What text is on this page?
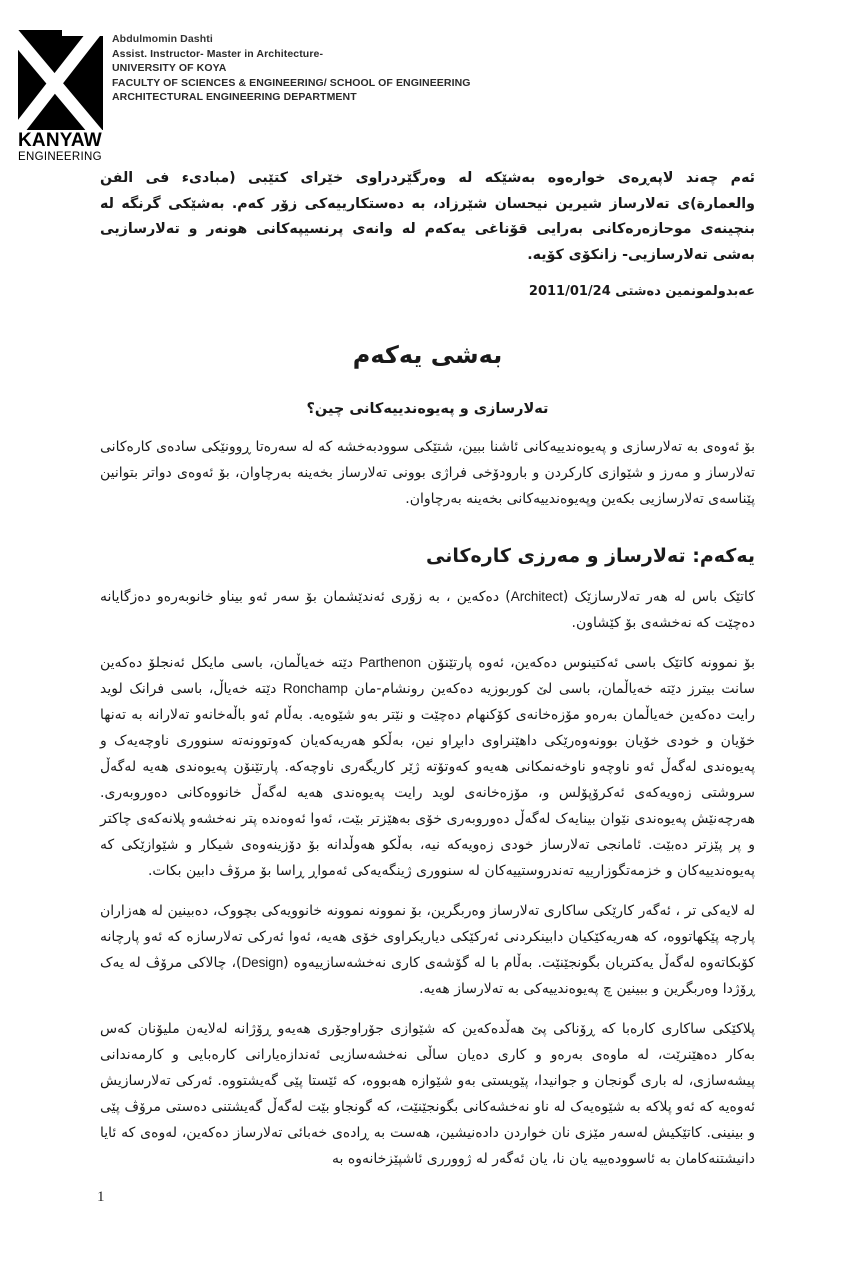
KANYAW
ENGINEERING
Abdulmomin Dashti
Assist. Instructor- Master in Architecture-
UNIVERSITY OF KOYA
FACULTY OF SCIENCES & ENGINEERING/ SCHOOL OF ENGINEERING
ARCHITECTURAL ENGINEERING DEPARTMENT

ئەم چەند لاپەڕەی خوارەوە بەشێکە لە وەرگێردراوی خێرای کتێبی (مبادیء فی الفن والعمارة)ی تەلارساز شیرین نیحسان شێرزاد، بە دەستکارییەکی زۆر کەم. بەشێکی گرنگە لە بنچینەی موحازەرەکانی بەرایی قۆناغی یەکەم لە وانەی پرنسیپەکانی هونەر و تەلارسازیی بەشی تەلارسازیی- زانکۆی کۆیە.

عەبدولمونمین دەشتی 2011/01/24

بەشی یەکەم
تەلارسازی و پەیوەندییەکانی چین؟

بۆ ئەوەی بە تەلارسازی و پەیوەندییەکانی ئاشنا ببین، شتێکی سوودبەخشە کە لە سەرەتا ڕوونێکی سادەی کارەکانی تەلارساز و مەرز و شێوازی کارکردن و بارودۆخی فراژی بوونی تەلارساز بخەینە بەرچاوان، بۆ ئەوەی دواتر بتوانین پێناسەی تەلارسازیی بکەین وپەیوەندییەکانی بخەینە بەرچاوان.

یەکەم: تەلارساز و مەرزی کارەکانی

کاتێک باس لە هەر تەلارسازێک (Architect) دەکەین ، بە زۆری ئەندێشمان بۆ سەر ئەو بیناو خانوبەرەو دەزگایانە دەچێت کە نەخشەی بۆ کێشاون.

بۆ نموونە کاتێک باسی ئەکتینوس دەکەین، ئەوە پارتێنۆن Parthenon دێتە خەیاڵمان، باسی مایکل ئەنجلۆ دەکەین سانت بیترز دێتە خەیاڵمان، باسی لێ کوربوزیە دەکەین رونشام-مان Ronchamp دێتە خەیاڵ، باسی فرانک لوید رایت دەکەین خەیاڵمان بەرەو مۆزەخانەی کۆکنهام دەچێت و نێتر بەو شێوەیە. بەڵام ئەو باڵەخانەو تەلارانە بە تەنها خۆیان و خودی خۆیان بوونەوەرێکی داهێنراوی دابڕاو نین، بەڵکو هەریەکەیان کەوتوونەتە سنووری ناوچەیەک و پەیوەندی لەگەڵ ئەو ناوچەو ناوخەنمکانی هەیەو کەوتۆتە ژێر کاریگەری ناوچەکە. پارتێنۆن پەیوەندی هەیە لەگەڵ سروشتی زەویەکەی ئەکرۆپۆلس و، مۆزەخانەی لوید رایت پەیوەندی هەیە لەگەڵ خانووەکانی دەوروبەری. هەرچەنێش پەیوەندی نێوان بینایەک لەگەڵ دەوروبەری خۆی بەهێزتر بێت، ئەوا ئەوەندە پتر نەخشەو پلانەکەی چاکتر و پر پێزتر دەبێت. ئامانجی تەلارساز خودی زەویەکە نیە، بەڵکو هەوڵدانە بۆ دۆزینەوەی شیکار و شێوازێکی کە پەیوەندییەکان و خزمەتگوزارییە تەندروستییەکان لە سنووری ژینگەیەکی ئەمواڕ ڕاسا بۆ مرۆڤ دابین بکات.

لە لایەکی تر ، ئەگەر کارێکی ساکاری تەلارساز وەربگرین، بۆ نموونە نموونە خانوویەکی بچووک، دەبینین لە هەزاران پارچە پێکهاتووە، کە هەریەکێکیان دابینکردنی ئەرکێکی دیاریکراوی خۆی هەیە، ئەوا ئەرکی تەلارسازە کە ئەو پارچانە کۆبکاتەوە لەگەڵ یەکتریان بگونجێنێت. بەڵام با لە گۆشەی کاری نەخشەسازییەوە (Design)، چالاکی مرۆڤ لە یەک ڕۆژدا وەربگرین و ببینین چ پەیوەندییەکی بە تەلارساز هەیە.

پلاکێکی ساکاری کارەبا کە ڕۆناکی پێ هەڵدەکەین کە شێوازی جۆراوجۆری هەیەو ڕۆژانە لەلایەن ملیۆنان کەس بەکار دەهێنرێت، لە ماوەی بەرەو و کاری دەیان ساڵی نەخشەسازیی ئەندازەیارانی کارەبایی و کارمەندانی پیشەسازی، لە باری گونجان و جوانیدا، پێویستی بەو شێوازە هەبووە، کە ئێستا پێی گەیشتووە. ئەرکی تەلارسازیش ئەوەیە کە ئەو پلاکە بە شێوەیەک لە ناو نەخشەکانی بگونجێنێت، کە گونجاو بێت لەگەڵ گەیشتنی دەستی مرۆڤ پێی و بینینی. کاتێکیش لەسەر مێزی نان خواردن دادەنیشین، هەست بە ڕادەی خەبائی تەلارساز دەکەین، لەوەی کە ئایا دانیشتنەکامان بە ئاسوودەییە یان نا، یان ئەگەر لە ژوورری ئاشپێزخانەوە بە

1
